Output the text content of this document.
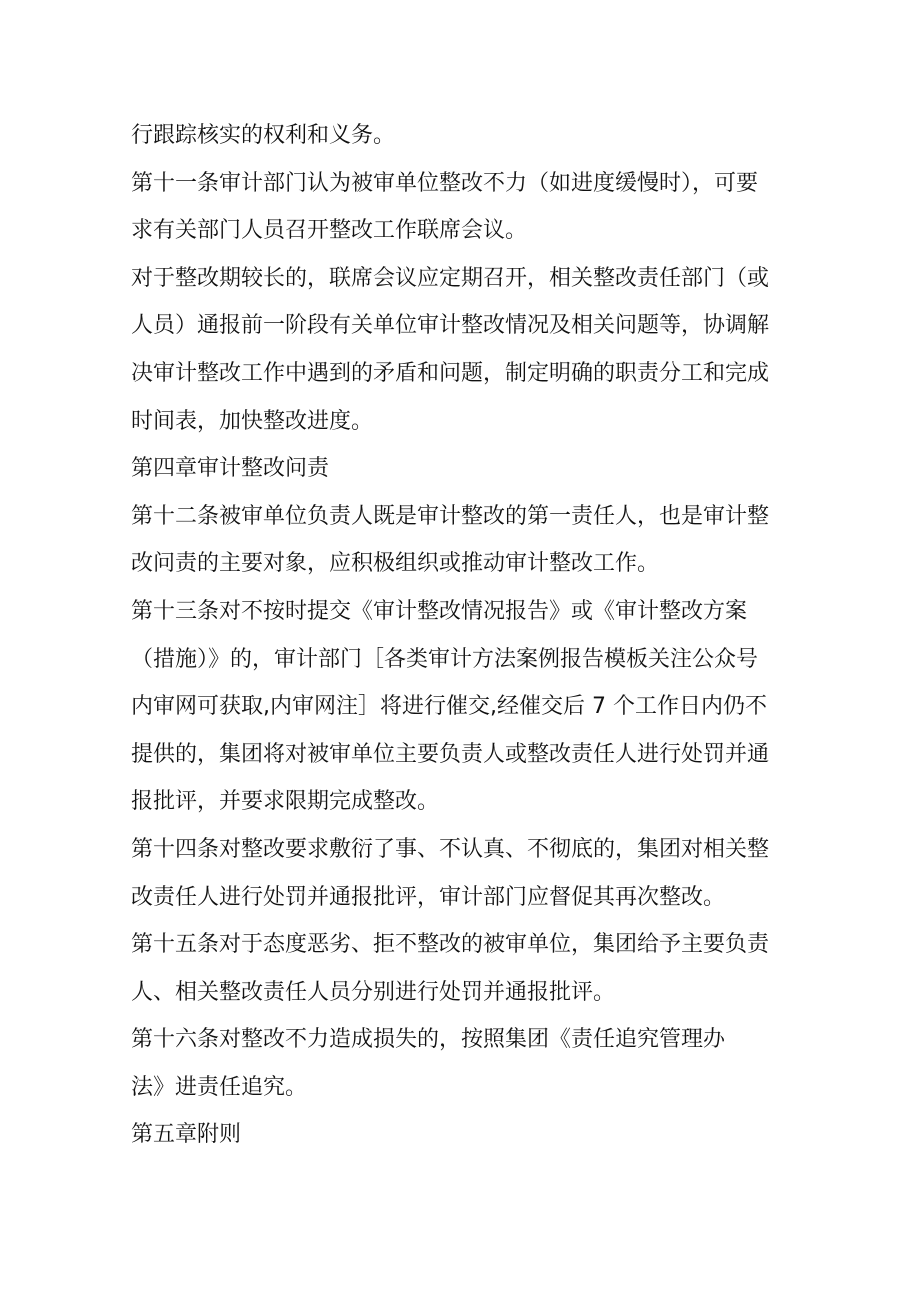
行跟踪核实的权利和义务。

第十一条审计部门认为被审单位整改不力（如进度缓慢时），可要
求有关部门人员召开整改工作联席会议。

对于整改期较长的，联席会议应定期召开，相关整改责任部门（或
人员）通报前一阶段有关单位审计整改情况及相关问题等，协调解
决审计整改工作中遇到的矛盾和问题，制定明确的职责分工和完成
时间表，加快整改进度。

第四章审计整改问责

第十二条被审单位负责人既是审计整改的第一责任人，也是审计整
改问责的主要对象，应积极组织或推动审计整改工作。

第十三条对不按时提交《审计整改情况报告》或《审计整改方案
（措施）》的，审计部门［各类审计方法案例报告模板关注公众号
内审网可获取,内审网注］将进行催交,经催交后 7 个工作日内仍不
提供的，集团将对被审单位主要负责人或整改责任人进行处罚并通
报批评，并要求限期完成整改。

第十四条对整改要求敷衍了事、不认真、不彻底的，集团对相关整
改责任人进行处罚并通报批评，审计部门应督促其再次整改。

第十五条对于态度恶劣、拒不整改的被审单位，集团给予主要负责
人、相关整改责任人员分别进行处罚并通报批评。

第十六条对整改不力造成损失的，按照集团《责任追究管理办
法》进责任追究。

第五章附则
